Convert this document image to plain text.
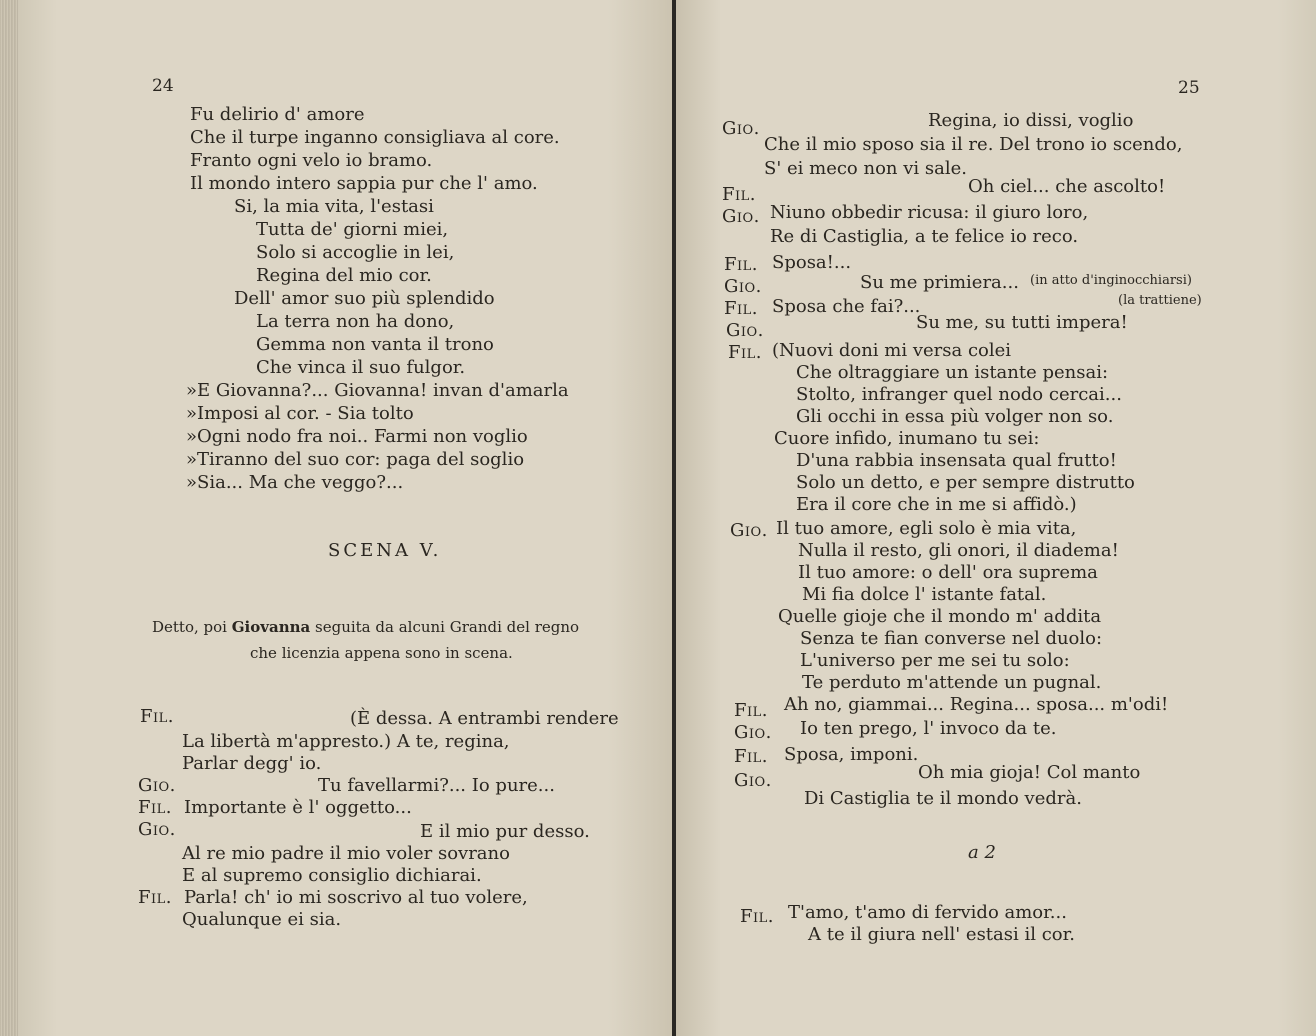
24
Fu delirio d' amore
Che il turpe inganno consigliava al core.
Franto ogni velo io bramo.
Il mondo intero sappia pur che l' amo.
Si, la mia vita, l'estasi
Tutta de' giorni miei,
Solo si accoglie in lei,
Regina del mio cor.
Dell' amor suo più splendido
La terra non ha dono,
Gemma non vanta il trono
Che vinca il suo fulgor.
»E Giovanna?... Giovanna! invan d'amarla
»Imposi al cor. - Sia tolto
»Ogni nodo fra noi.. Farmi non voglio
»Tiranno del suo cor: paga del soglio
»Sia... Ma che veggo?...
SCENA V.
Detto, poi Giovanna seguita da alcuni Grandi del regno
che licenzia appena sono in scena.
Fil.	(È dessa. A entrambi rendere
La libertà m'appresto.) A te, regina,
Parlar degg' io.
Gio.	Tu favellarmi?... Io pure...
Fil. Importante è l' oggetto...
Gio.	E il mio pur desso.
Al re mio padre il mio voler sovrano
E al supremo consiglio dichiarai.
Fil. Parla! ch' io mi soscrivo al tuo volere,
Qualunque ei sia.
25
Gio.	Regina, io dissi, voglio
Che il mio sposo sia il re. Del trono io scendo,
S' ei meco non vi sale.
Fil.	Oh ciel... che ascolto!
Gio. Niuno obbedir ricusa: il giuro loro,
Re di Castiglia, a te felice io reco.
Fil. Sposa!...
Gio.	Su me primiera... (in atto d'inginocchiarsi)
Fil. Sposa che fai?...	(la trattiene)
Gio.	Su me, su tutti impera!
Fil. (Nuovi doni mi versa colei
Che oltraggiare un istante pensai:
Stolto, infranger quel nodo cercai...
Gli occhi in essa più volger non so.
Cuore infido, inumano tu sei:
D'una rabbia insensata qual frutto!
Solo un detto, e per sempre distrutto
Era il core che in me si affidò.)
Gio. Il tuo amore, egli solo è mia vita,
Nulla il resto, gli onori, il diadema!
Il tuo amore: o dell' ora suprema
Mi fia dolce l' istante fatal.
Quelle gioje che il mondo m' addita
Senza te fian converse nel duolo:
L'universo per me sei tu solo:
Te perduto m'attende un pugnal.
Fil. Ah no, giammai... Regina... sposa... m'odi!
Gio. Io ten prego, l' invoco da te.
Fil. Sposa, imponi.
Gio.	Oh mia gioja! Col manto
Di Castiglia te il mondo vedrà.
a 2
Fil. T'amo, t'amo di fervido amor...
A te il giura nell' estasi il cor.
